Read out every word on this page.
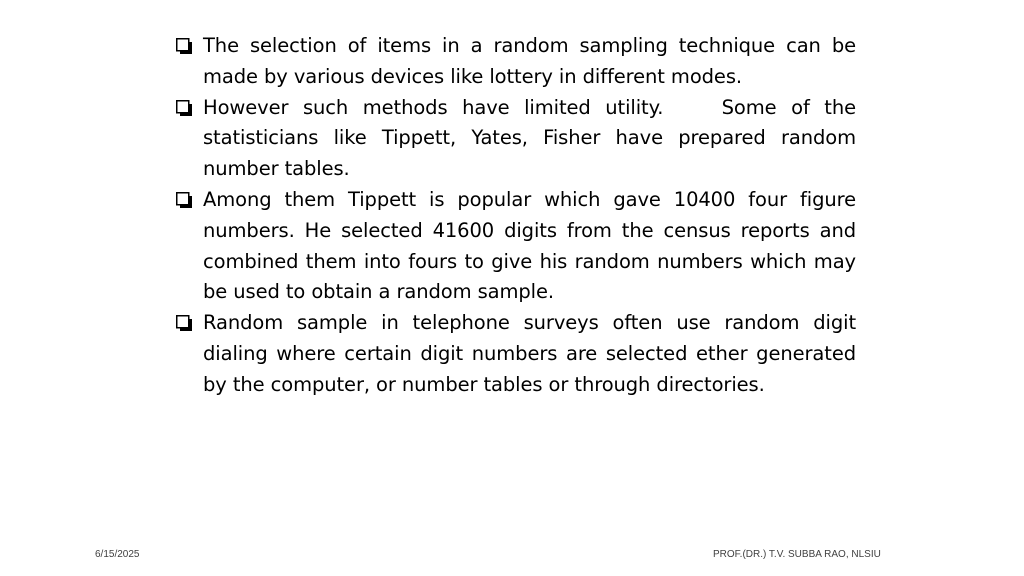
The selection of items in a random sampling technique can be made by various devices like lottery in different modes.
However such methods have limited utility.    Some of the statisticians like Tippett, Yates, Fisher have prepared random number tables.
Among them Tippett is popular which gave 10400 four figure numbers. He selected 41600 digits from the census reports and combined them into fours to give his random numbers which may be used to obtain a random sample.
Random sample in telephone surveys often use random digit dialing where certain digit numbers are selected ether generated by the computer, or number tables or through directories.
6/15/2025	PROF.(DR.) T.V. SUBBA RAO, NLSIU
